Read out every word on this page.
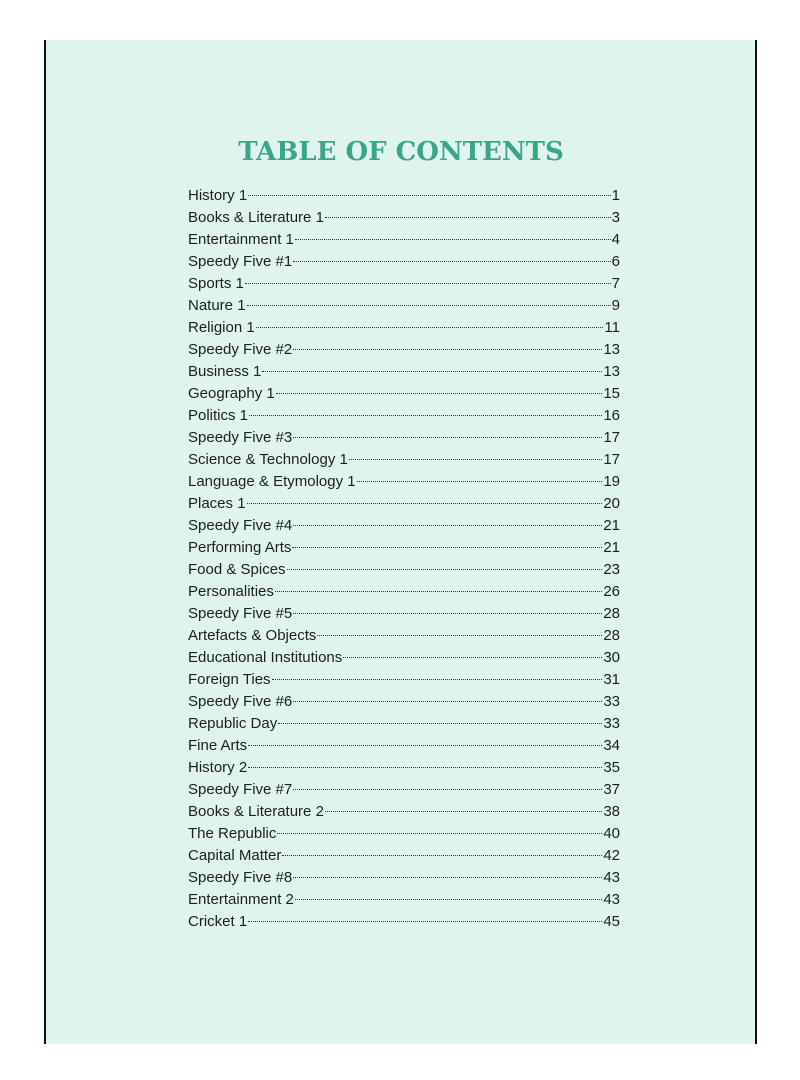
TABLE OF CONTENTS
History 1	1
Books & Literature 1	3
Entertainment 1	4
Speedy Five #1	6
Sports 1	7
Nature 1	9
Religion 1	11
Speedy Five #2	13
Business 1	13
Geography 1	15
Politics 1	16
Speedy Five #3	17
Science & Technology 1	17
Language & Etymology 1	19
Places 1	20
Speedy Five #4	21
Performing Arts	21
Food & Spices	23
Personalities	26
Speedy Five #5	28
Artefacts & Objects	28
Educational Institutions	30
Foreign Ties	31
Speedy Five #6	33
Republic Day	33
Fine Arts	34
History 2	35
Speedy Five #7	37
Books & Literature 2	38
The Republic	40
Capital Matter	42
Speedy Five #8	43
Entertainment 2	43
Cricket 1	45
